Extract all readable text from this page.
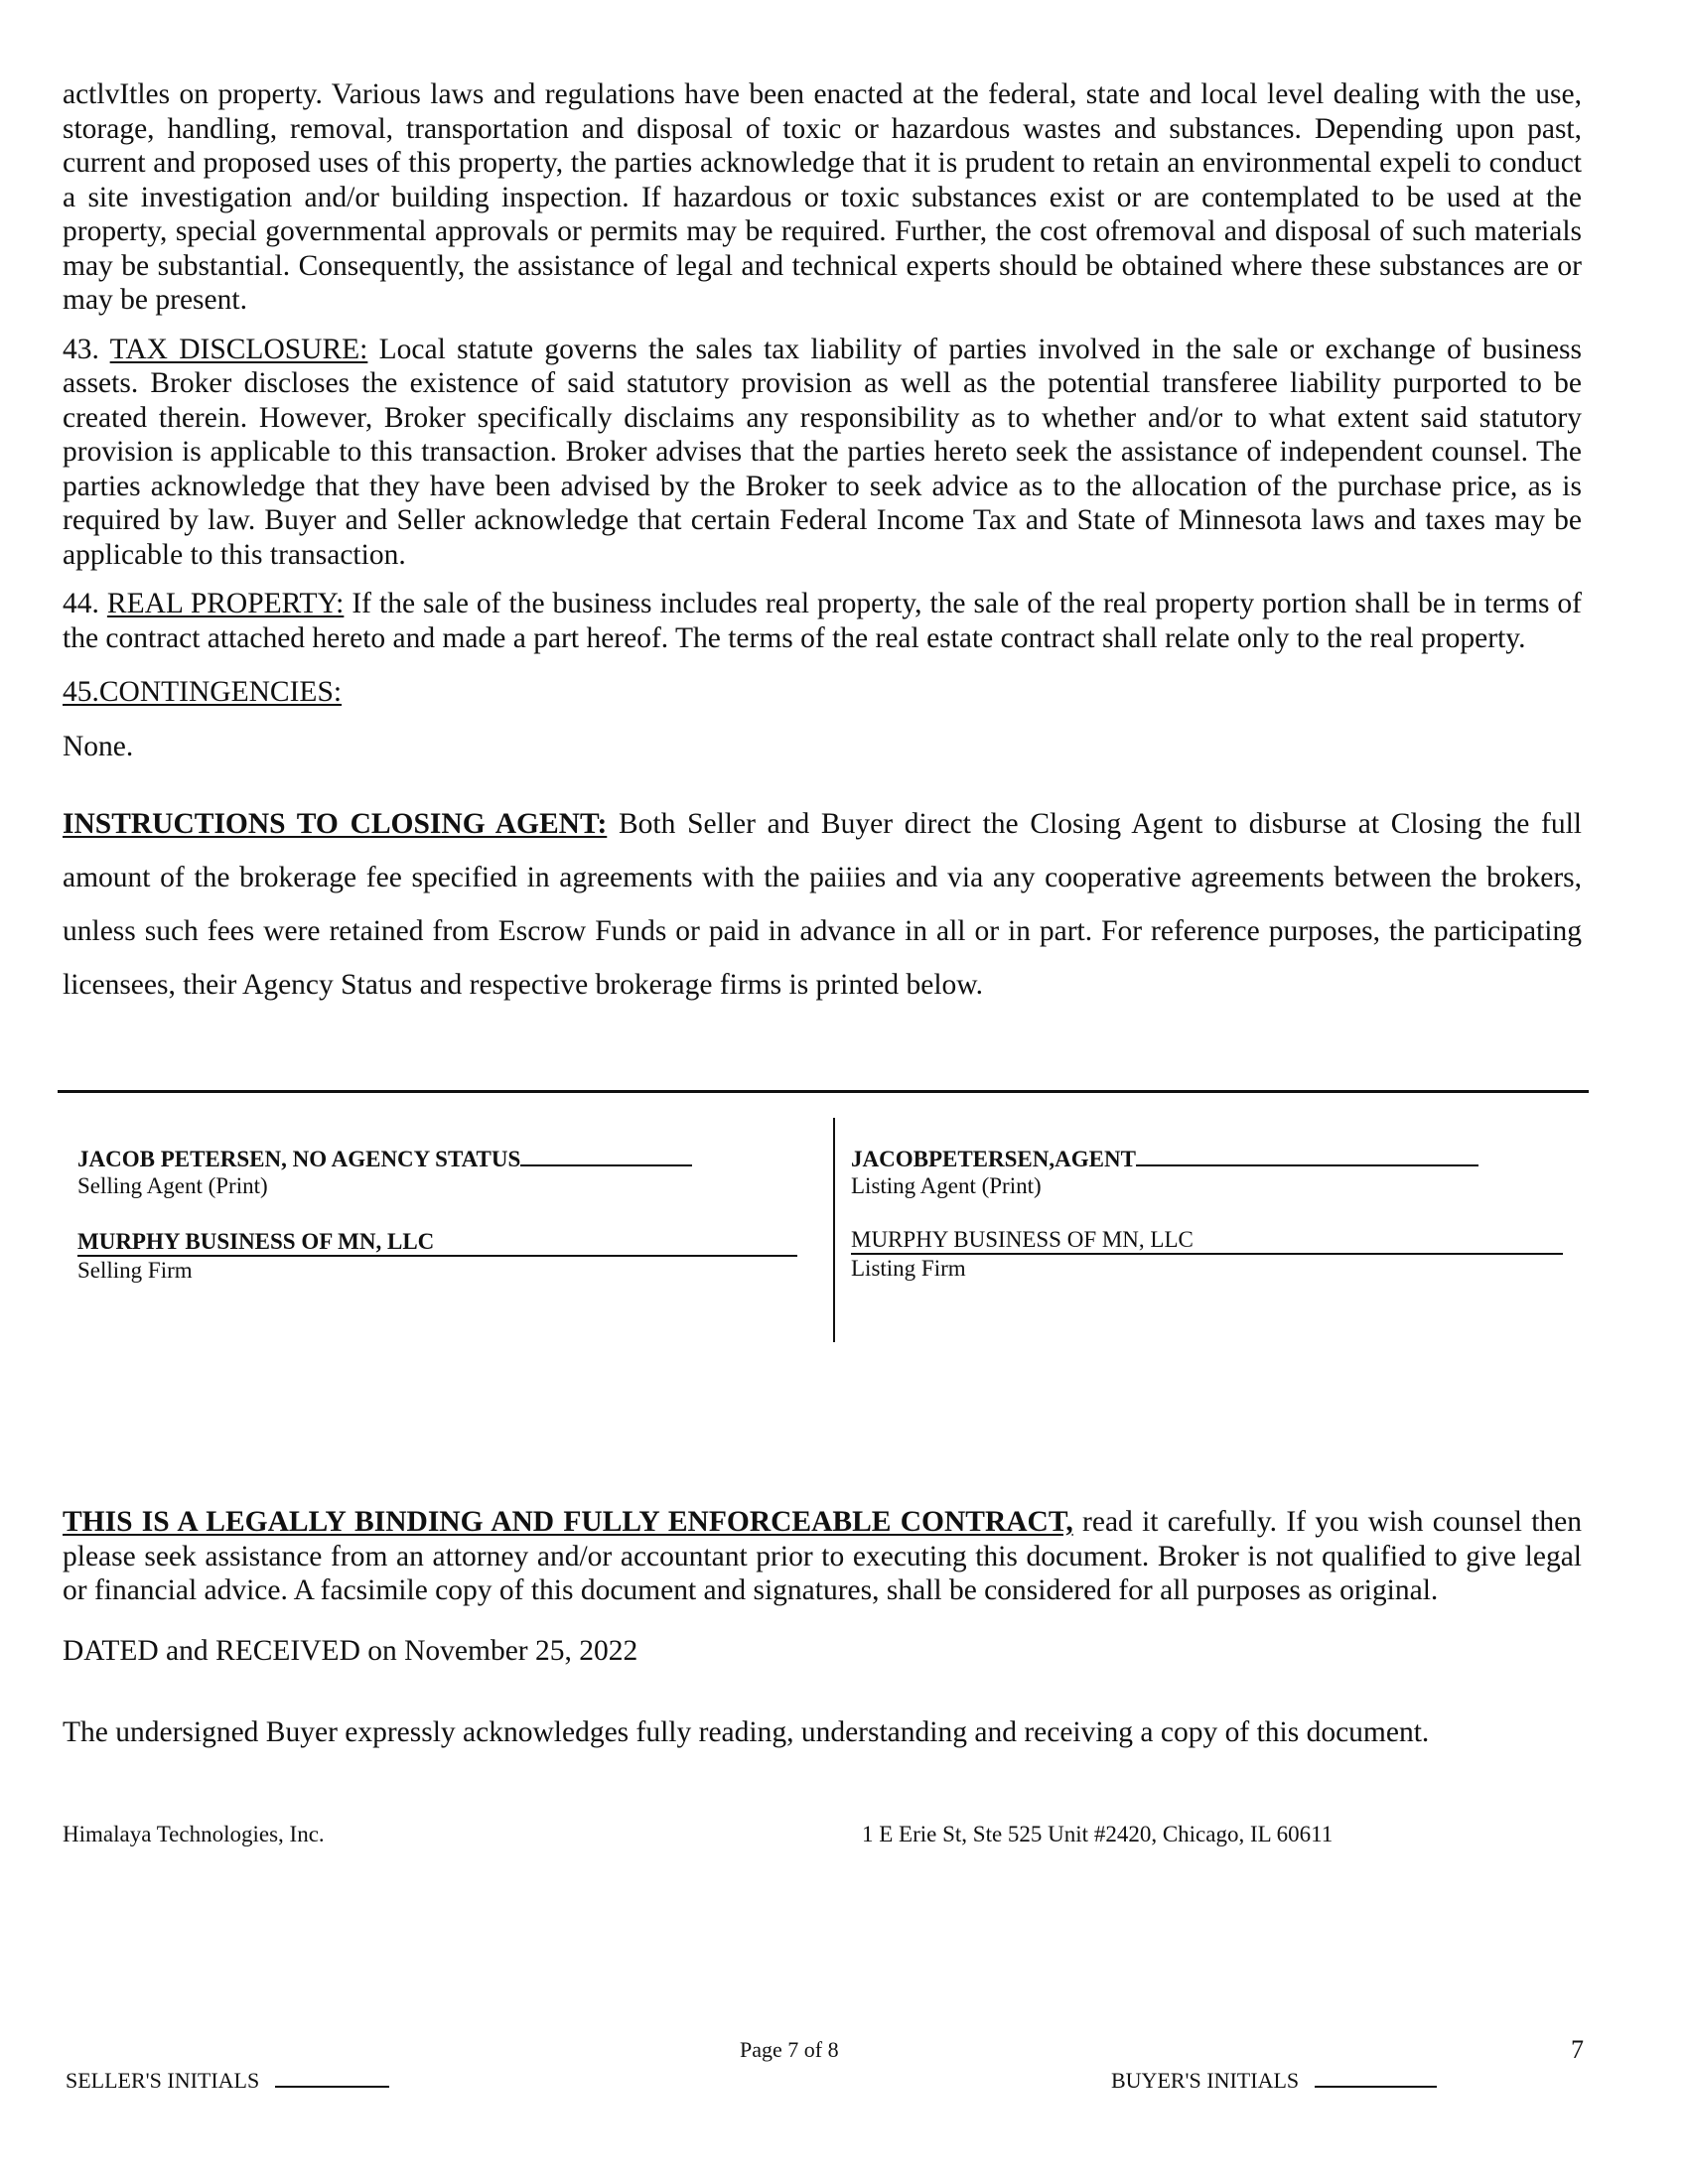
actlvItles on property. Various laws and regulations have been enacted at the federal, state and local level dealing with the use, storage, handling, removal, transportation and disposal of toxic or hazardous wastes and substances. Depending upon past, current and proposed uses of this property, the parties acknowledge that it is prudent to retain an environmental expeli to conduct a site investigation and/or building inspection. If hazardous or toxic substances exist or are contemplated to be used at the property, special governmental approvals or permits may be required. Further, the cost ofremoval and disposal of such materials may be substantial. Consequently, the assistance of legal and technical experts should be obtained where these substances are or may be present.

43. TAX DISCLOSURE: Local statute governs the sales tax liability of parties involved in the sale or exchange of business assets. Broker discloses the existence of said statutory provision as well as the potential transferee liability purported to be created therein. However, Broker specifically disclaims any responsibility as to whether and/or to what extent said statutory provision is applicable to this transaction. Broker advises that the parties hereto seek the assistance of independent counsel. The parties acknowledge that they have been advised by the Broker to seek advice as to the allocation of the purchase price, as is required by law. Buyer and Seller acknowledge that certain Federal Income Tax and State of Minnesota laws and taxes may be applicable to this transaction.

44. REAL PROPERTY: If the sale of the business includes real property, the sale of the real property portion shall be in terms of the contract attached hereto and made a part hereof. The terms of the real estate contract shall relate only to the real property.

45.CONTINGENCIES:

None.

INSTRUCTIONS TO CLOSING AGENT: Both Seller and Buyer direct the Closing Agent to disburse at Closing the full amount of the brokerage fee specified in agreements with the paiiies and via any cooperative agreements between the brokers, unless such fees were retained from Escrow Funds or paid in advance in all or in part. For reference purposes, the participating licensees, their Agency Status and respective brokerage firms is printed below.

JACOB PETERSEN, NO AGENCY STATUS
Selling Agent (Print)
MURPHY BUSINESS OF MN, LLC
Selling Firm
JACOBPETERSEN,AGENT
Listing Agent (Print)
MURPHY BUSINESS OF MN, LLC
Listing Firm

THIS IS A LEGALLY BINDING AND FULLY ENFORCEABLE CONTRACT, read it carefully. If you wish counsel then please seek assistance from an attorney and/or accountant prior to executing this document. Broker is not qualified to give legal or financial advice. A facsimile copy of this document and signatures, shall be considered for all purposes as original.

DATED and RECEIVED on November 25, 2022

The undersigned Buyer expressly acknowledges fully reading, understanding and receiving a copy of this document.

Himalaya Technologies, Inc.	1 E Erie St, Ste 525 Unit #2420, Chicago, IL 60611
Page 7 of 8	7
SELLER'S INITIALS	BUYER'S INITIALS
